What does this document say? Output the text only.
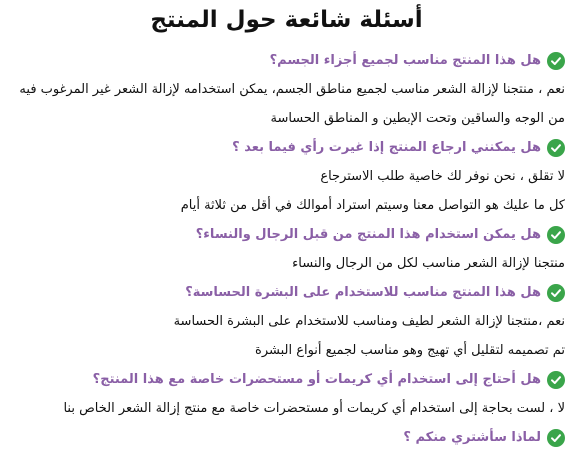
أسئلة شائعة حول المنتج
هل هذا المنتج مناسب لجميع أجزاء الجسم؟

نعم ، منتجنا لإزالة الشعر مناسب لجميع مناطق الجسم، يمكن استخدامه لإزالة الشعر غير المرغوب فيه

من الوجه والساقين وتحت الإبطين و المناطق الحساسة

هل يمكنني ارجاع المنتج إذا غيرت رأي فيما بعد ؟

لا تقلق ، نحن نوفر لك خاصية طلب الاسترجاع

كل ما عليك هو التواصل معنا وسيتم استراد أموالك في أقل من ثلاثة أيام

هل يمكن استخدام هذا المنتج من قبل الرجال والنساء؟

منتجنا لإزالة الشعر مناسب لكل من الرجال والنساء

هل هذا المنتج مناسب للاستخدام على البشرة الحساسة؟

نعم ،منتجنا لإزالة الشعر لطيف ومناسب للاستخدام على البشرة الحساسة

تم تصميمه لتقليل أي تهيج وهو مناسب لجميع أنواع البشرة

هل أحتاج إلى استخدام أي كريمات أو مستحضرات خاصة مع هذا المنتج؟

لا ، لست بحاجة إلى استخدام أي كريمات أو مستحضرات خاصة مع منتج إزالة الشعر الخاص بنا

لماذا سأشتري منكم ؟
